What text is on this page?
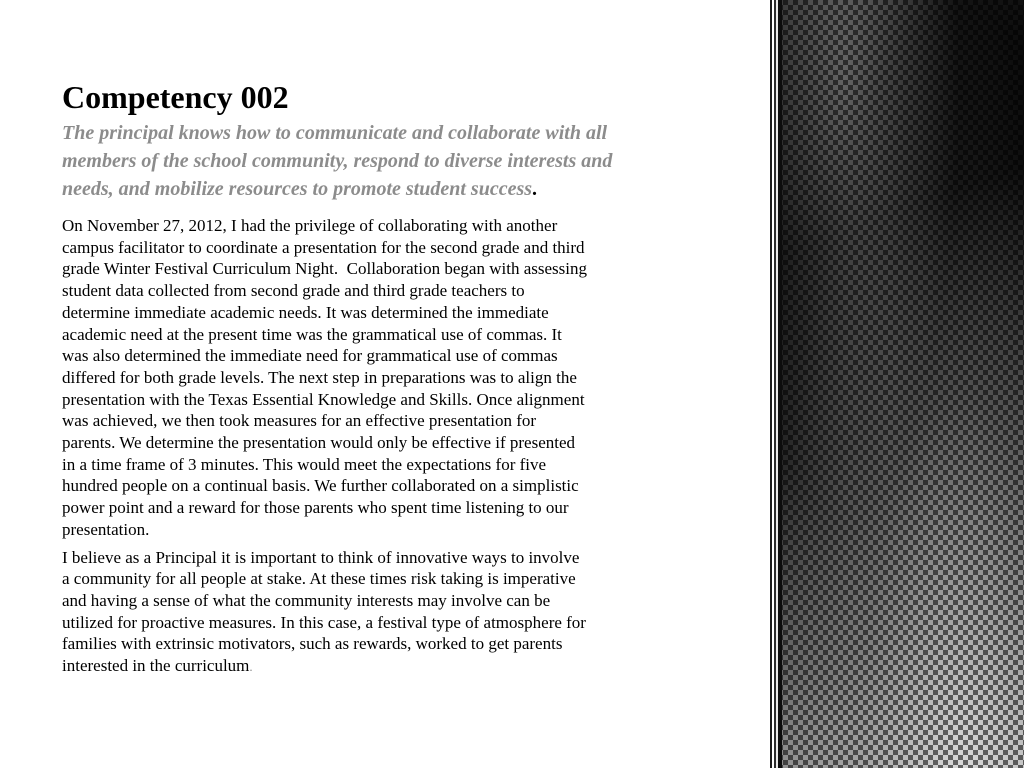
Competency 002
The principal knows how to communicate and collaborate with all
members of the school community, respond to diverse interests and
needs, and mobilize resources to promote student success.
On November 27, 2012, I had the privilege of collaborating with another
campus facilitator to coordinate a presentation for the second grade and third
grade Winter Festival Curriculum Night.  Collaboration began with assessing
student data collected from second grade and third grade teachers to
determine immediate academic needs. It was determined the immediate
academic need at the present time was the grammatical use of commas. It
was also determined the immediate need for grammatical use of commas
differed for both grade levels. The next step in preparations was to align the
presentation with the Texas Essential Knowledge and Skills. Once alignment
was achieved, we then took measures for an effective presentation for
parents. We determine the presentation would only be effective if presented
in a time frame of 3 minutes. This would meet the expectations for five
hundred people on a continual basis. We further collaborated on a simplistic
power point and a reward for those parents who spent time listening to our
presentation.
I believe as a Principal it is important to think of innovative ways to involve
a community for all people at stake. At these times risk taking is imperative
and having a sense of what the community interests may involve can be
utilized for proactive measures. In this case, a festival type of atmosphere for
families with extrinsic motivators, such as rewards, worked to get parents
interested in the curriculum.
